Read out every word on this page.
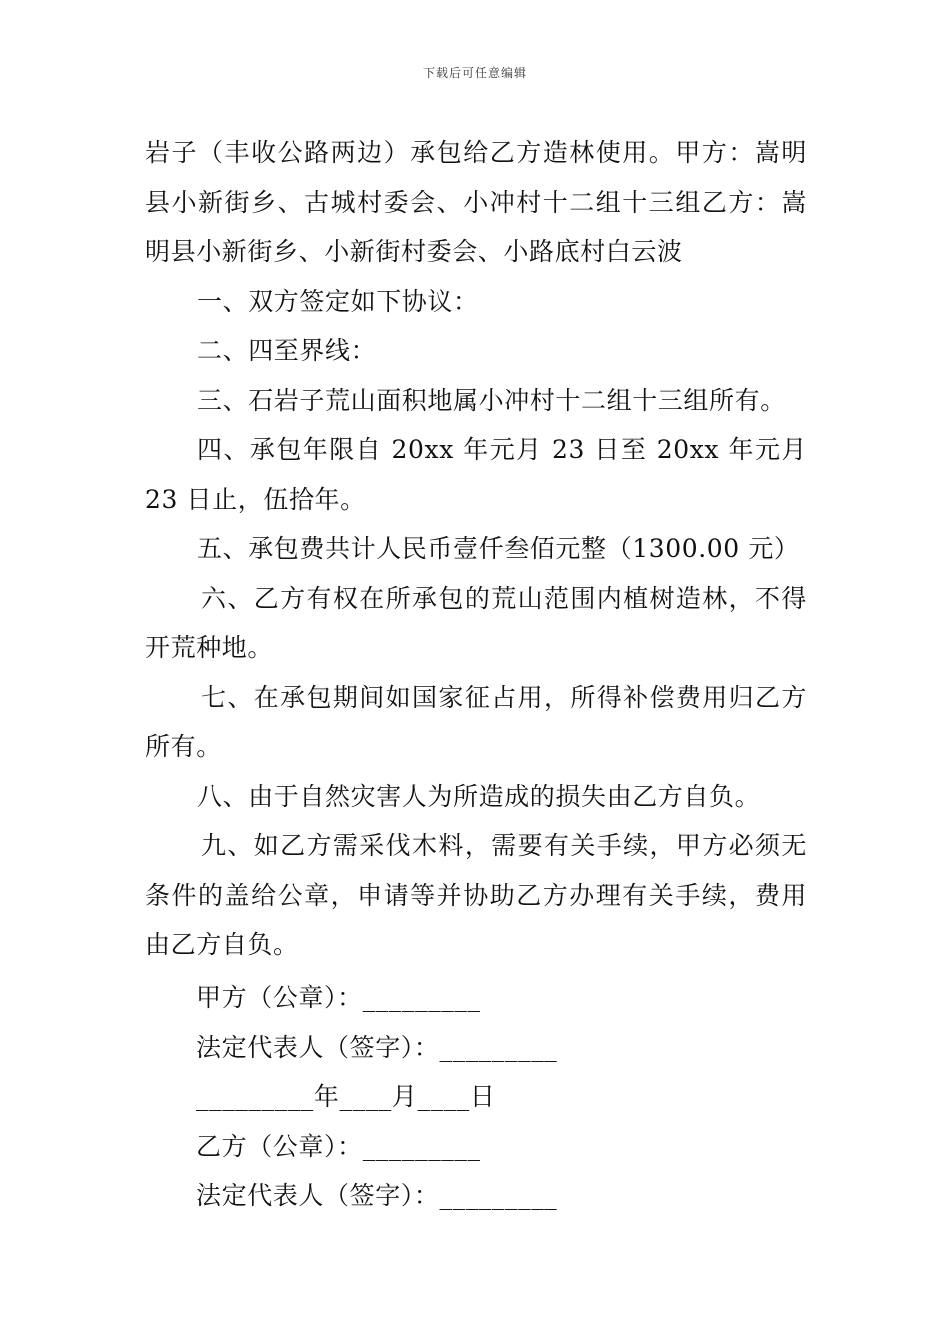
下载后可任意编辑

岩子（丰收公路两边）承包给乙方造林使用。甲方：嵩明县小新街乡、古城村委会、小冲村十二组十三组乙方：嵩明县小新街乡、小新街村委会、小路底村白云波

一、双方签定如下协议：

二、四至界线：

三、石岩子荒山面积地属小冲村十二组十三组所有。

四、承包年限自 20xx 年元月 23 日至 20xx 年元月 23 日止，伍拾年。

五、承包费共计人民币壹仟叁佰元整（1300.00 元）

六、乙方有权在所承包的荒山范围内植树造林，不得开荒种地。

七、在承包期间如国家征占用，所得补偿费用归乙方所有。

八、由于自然灾害人为所造成的损失由乙方自负。

九、如乙方需采伐木料，需要有关手续，甲方必须无条件的盖给公章，申请等并协助乙方办理有关手续，费用由乙方自负。

甲方（公章）：_________

法定代表人（签字）：_________

_________年____月____日

乙方（公章）：_________

法定代表人（签字）：_________
